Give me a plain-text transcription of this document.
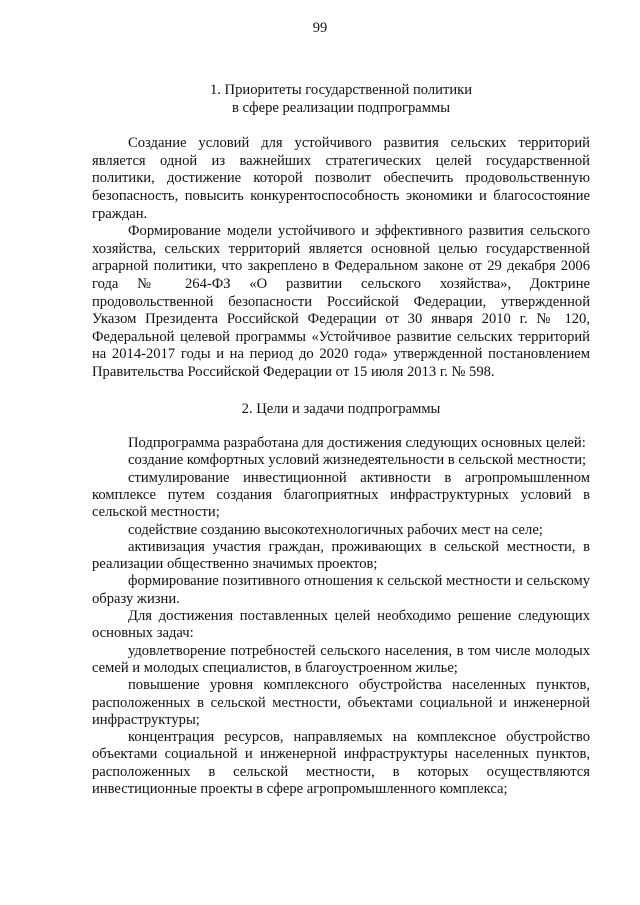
99

1. Приоритеты государственной политики

в сфере реализации подпрограммы

Создание условий для устойчивого развития сельских территорий является одной из важнейших стратегических целей государственной политики, достижение которой позволит обеспечить продовольственную безопасность, повысить конкурентоспособность экономики и благосостояние граждан.

Формирование модели устойчивого и эффективного развития сельского хозяйства, сельских территорий является основной целью государственной аграрной политики, что закреплено в Федеральном законе от 29 декабря 2006 года № 264-ФЗ «О развитии сельского хозяйства», Доктрине продовольственной безопасности Российской Федерации, утвержденной Указом Президента Российской Федерации от 30 января 2010 г. № 120, Федеральной целевой программы «Устойчивое развитие сельских территорий на 2014-2017 годы и на период до 2020 года» утвержденной постановлением Правительства Российской Федерации от 15 июля 2013 г. № 598.

2. Цели и задачи подпрограммы

Подпрограмма разработана для достижения следующих основных целей:

создание комфортных условий жизнедеятельности в сельской местности;

стимулирование инвестиционной активности в агропромышленном комплексе путем создания благоприятных инфраструктурных условий в сельской местности;

содействие созданию высокотехнологичных рабочих мест на селе;

активизация участия граждан, проживающих в сельской местности, в реализации общественно значимых проектов;

формирование позитивного отношения к сельской местности и сельскому образу жизни.

Для достижения поставленных целей необходимо решение следующих основных задач:

удовлетворение потребностей сельского населения, в том числе молодых семей и молодых специалистов, в благоустроенном жилье;

повышение уровня комплексного обустройства населенных пунктов, расположенных в сельской местности, объектами социальной и инженерной инфраструктуры;

концентрация ресурсов, направляемых на комплексное обустройство объектами социальной и инженерной инфраструктуры населенных пунктов, расположенных в сельской местности, в которых осуществляются инвестиционные проекты в сфере агропромышленного комплекса;
